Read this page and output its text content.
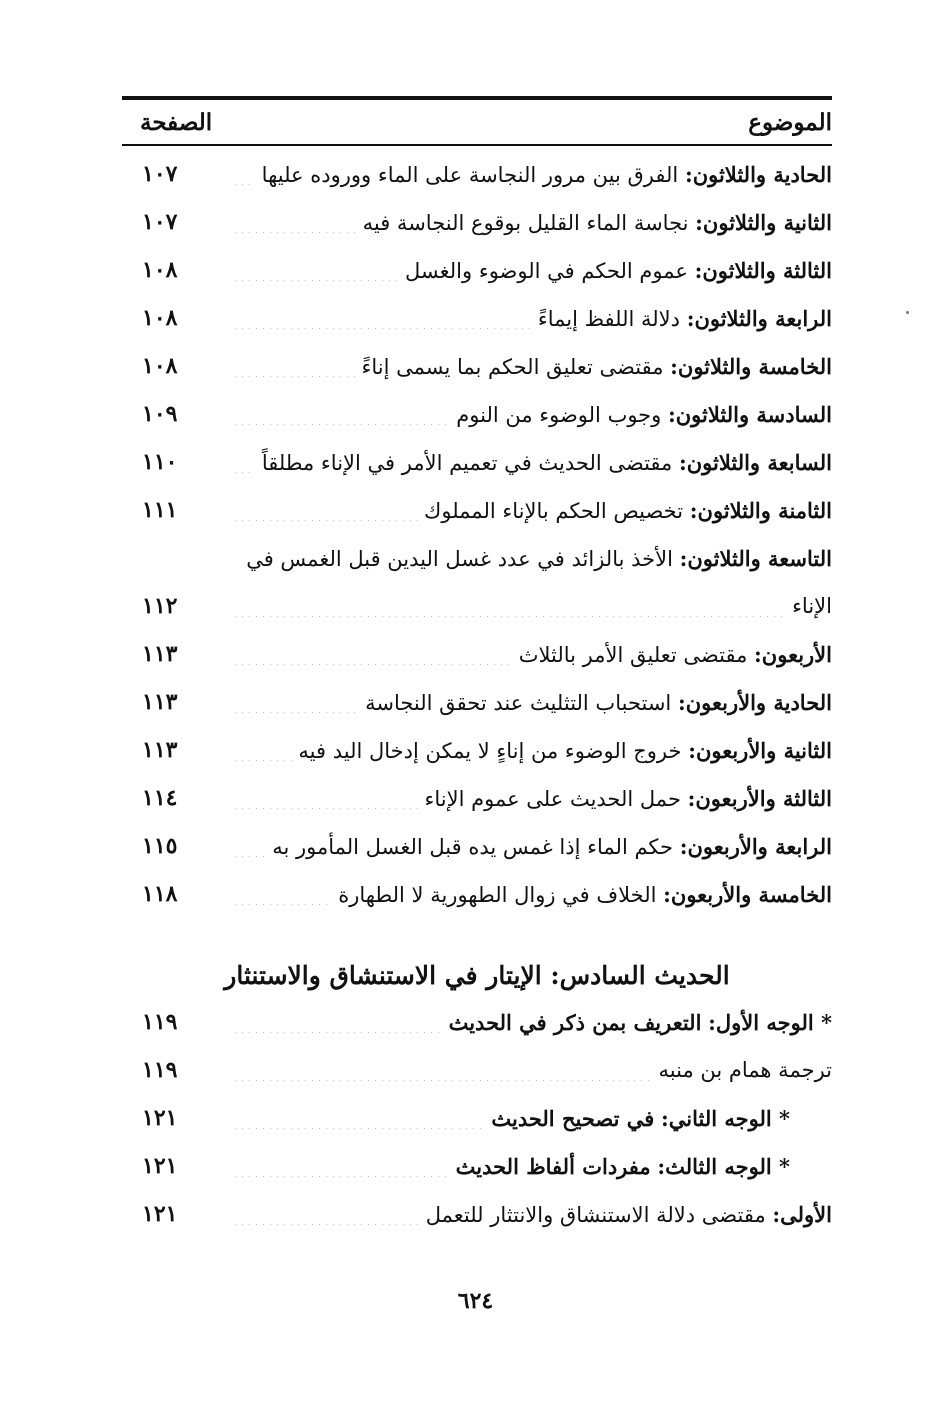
الموضوع
الصفحة
الحادية والثلاثون: الفرق بين مرور النجاسة على الماء ووروده عليها
١٠٧
الثانية والثلاثون: نجاسة الماء القليل بوقوع النجاسة فيه
١٠٧
الثالثة والثلاثون: عموم الحكم في الوضوء والغسل
١٠٨
الرابعة والثلاثون: دلالة اللفظ إيماءً
١٠٨
الخامسة والثلاثون: مقتضى تعليق الحكم بما يسمى إناءً
١٠٨
السادسة والثلاثون: وجوب الوضوء من النوم
١٠٩
السابعة والثلاثون: مقتضى الحديث في تعميم الأمر في الإناء مطلقاً
١١٠
الثامنة والثلاثون: تخصيص الحكم بالإناء المملوك
١١١
التاسعة والثلاثون: الأخذ بالزائد في عدد غسل اليدين قبل الغمس في
الإناء
١١٢
الأربعون: مقتضى تعليق الأمر بالثلاث
١١٣
الحادية والأربعون: استحباب التثليث عند تحقق النجاسة
١١٣
الثانية والأربعون: خروج الوضوء من إناءٍ لا يمكن إدخال اليد فيه
١١٣
الثالثة والأربعون: حمل الحديث على عموم الإناء
١١٤
الرابعة والأربعون: حكم الماء إذا غمس يده قبل الغسل المأمور به
١١٥
الخامسة والأربعون: الخلاف في زوال الطهورية لا الطهارة
١١٨
الحديث السادس: الإيتار في الاستنشاق والاستنثار
* الوجه الأول: التعريف بمن ذكر في الحديث
١١٩
ترجمة همام بن منبه
١١٩
* الوجه الثاني: في تصحيح الحديث
١٢١
* الوجه الثالث: مفردات ألفاظ الحديث
١٢١
الأولى: مقتضى دلالة الاستنشاق والانتثار للتعمل
١٢١
٦٢٤
